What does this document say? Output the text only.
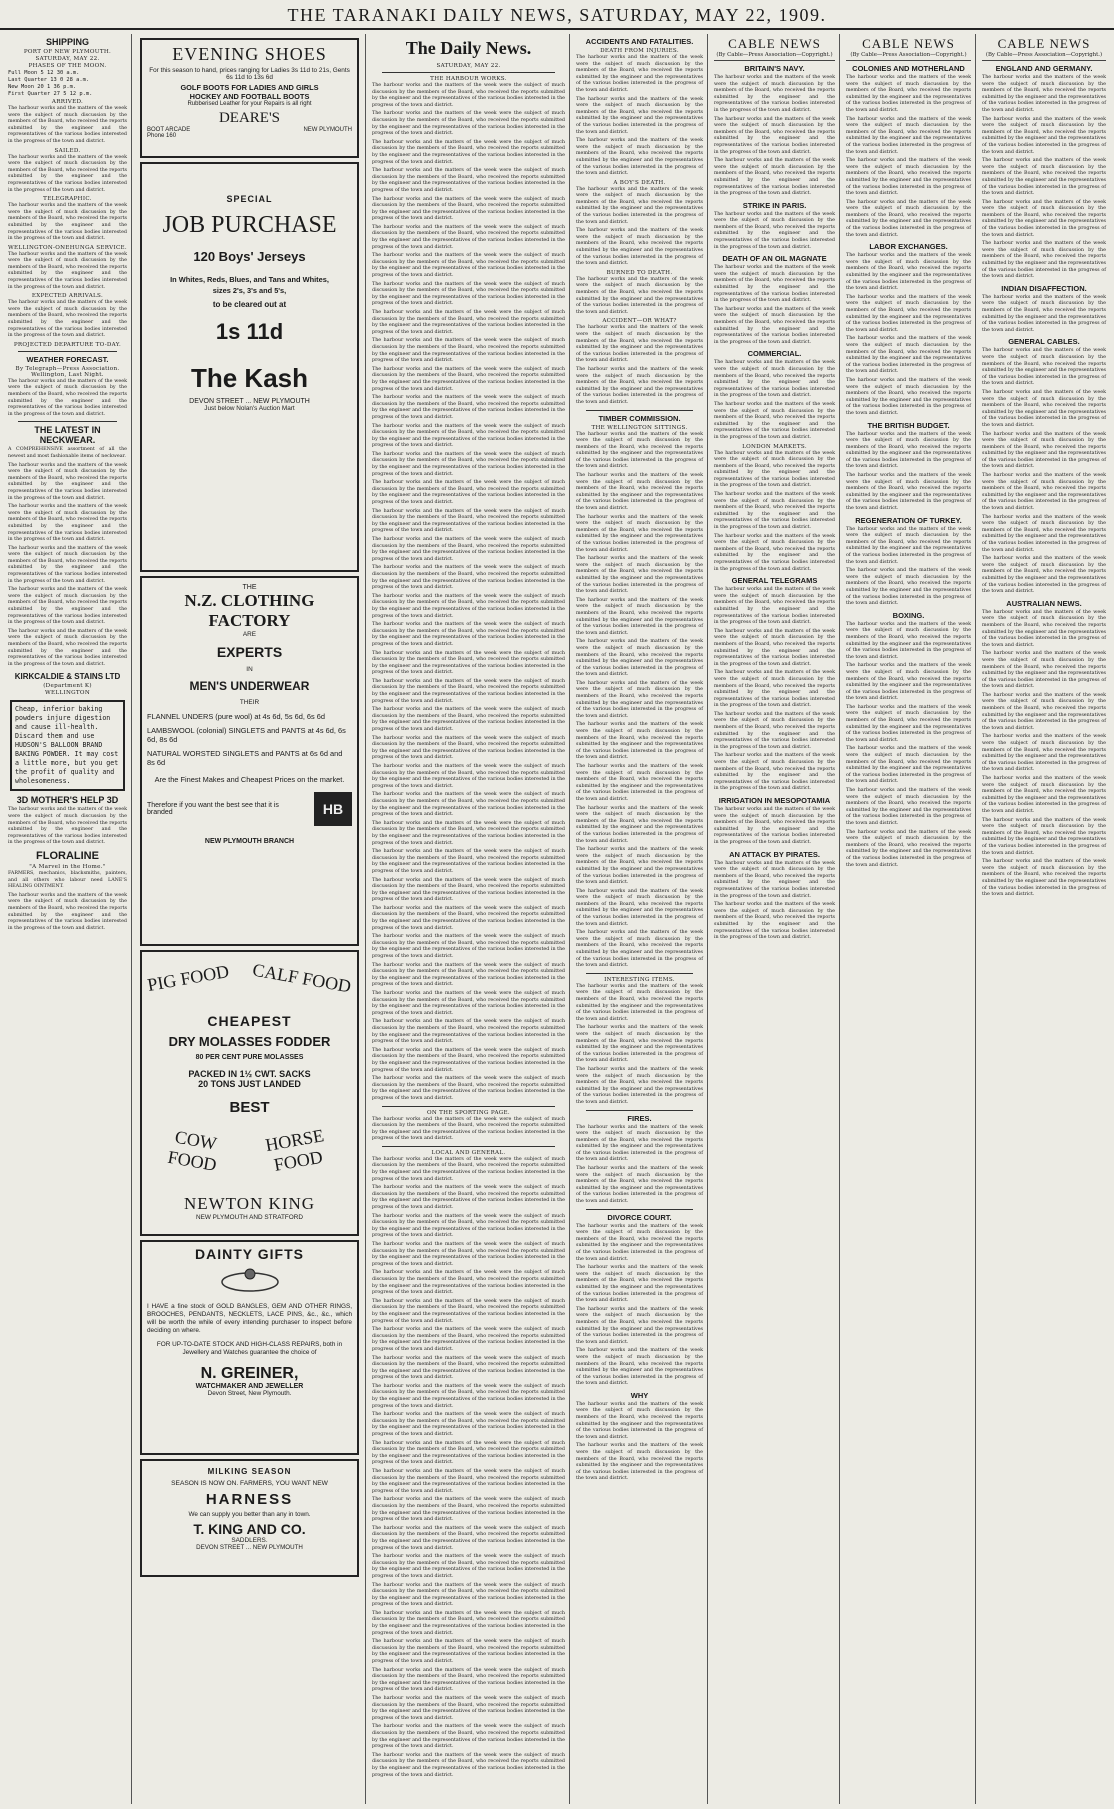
THE TARANAKI DAILY NEWS, SATURDAY, MAY 22, 1909.
SHIPPING
PORT OF NEW PLYMOUTH.
SATURDAY, MAY 22.
PHASES OF THE MOON.
Full Moon 5 12 30 a.m.
Last Quarter 13 0 28 a.m.
New Moon 20 1 36 p.m.
First Quarter 27 5 12 p.m.
ARRIVED.
The harbour works and the matters of the week were the subject of much discussion by the members of the Board, who received the reports submitted by the engineer and the representatives of the various bodies interested in the progress of the town and district.
SAILED.
The harbour works and the matters of the week were the subject of much discussion by the members of the Board, who received the reports submitted by the engineer and the representatives of the various bodies interested in the progress of the town and district.
TELEGRAPHIC.
The harbour works and the matters of the week were the subject of much discussion by the members of the Board, who received the reports submitted by the engineer and the representatives of the various bodies interested in the progress of the town and district.
WELLINGTON-ONEHUNGA SERVICE.
The harbour works and the matters of the week were the subject of much discussion by the members of the Board, who received the reports submitted by the engineer and the representatives of the various bodies interested in the progress of the town and district.
EXPECTED ARRIVALS.
The harbour works and the matters of the week were the subject of much discussion by the members of the Board, who received the reports submitted by the engineer and the representatives of the various bodies interested in the progress of the town and district.
PROJECTED DEPARTURE TO-DAY.
WEATHER FORECAST.
By Telegraph—Press Association. Wellington, Last Night.
The harbour works and the matters of the week were the subject of much discussion by the members of the Board, who received the reports submitted by the engineer and the representatives of the various bodies interested in the progress of the town and district.
THE LATEST IN NECKWEAR.
A COMPREHENSIVE assortment of all the newest and most fashionable items of neckwear.
The harbour works and the matters of the week were the subject of much discussion by the members of the Board, who received the reports submitted by the engineer and the representatives of the various bodies interested in the progress of the town and district.
The harbour works and the matters of the week were the subject of much discussion by the members of the Board, who received the reports submitted by the engineer and the representatives of the various bodies interested in the progress of the town and district.
The harbour works and the matters of the week were the subject of much discussion by the members of the Board, who received the reports submitted by the engineer and the representatives of the various bodies interested in the progress of the town and district.
The harbour works and the matters of the week were the subject of much discussion by the members of the Board, who received the reports submitted by the engineer and the representatives of the various bodies interested in the progress of the town and district.
The harbour works and the matters of the week were the subject of much discussion by the members of the Board, who received the reports submitted by the engineer and the representatives of the various bodies interested in the progress of the town and district.
KIRKCALDIE & STAINS LTD
(Department K)
WELLINGTON
Cheap, inferior baking powders injure digestion and cause ill-health. Discard them and use HUDSON'S BALLOON BRAND BAKING POWDER. It may cost a little more, but you get the profit of quality and wholesomeness.
3D MOTHER'S HELP 3D
The harbour works and the matters of the week were the subject of much discussion by the members of the Board, who received the reports submitted by the engineer and the representatives of the various bodies interested in the progress of the town and district.
FLORALINE
"A Marvel in the Home."
FARMERS, mechanics, blacksmiths, painters, and all others who labour need LANE'S HEALING OINTMENT.
The harbour works and the matters of the week were the subject of much discussion by the members of the Board, who received the reports submitted by the engineer and the representatives of the various bodies interested in the progress of the town and district.
EVENING SHOES
For this season to hand, prices ranging for Ladies 3s 11d to 21s, Gents 6s 11d to 13s 6d
GOLF BOOTS FOR LADIES AND GIRLS
HOCKEY AND FOOTBALL BOOTS
Rubberised Leather for your Repairs is all right
DEARE'S
BOOT ARCADE	NEW PLYMOUTH
Phone 160
SPECIAL
JOB PURCHASE
120 Boys' Jerseys
In Whites, Reds, Blues, and Tans and Whites, sizes 2's, 3's and 5's,
to be cleared out at
1s 11d
The Kash
DEVON STREET ... NEW PLYMOUTH
Just below Nolan's Auction Mart
THE
N.Z. CLOTHING FACTORY
ARE
EXPERTS
IN
MEN'S UNDERWEAR
THEIR
FLANNEL UNDERS (pure wool) at 4s 6d, 5s 6d, 6s 6d
LAMBSWOOL (colonial) SINGLETS and PANTS at 4s 6d, 6s 6d, 8s 6d
NATURAL WORSTED SINGLETS and PANTS at 6s 6d and 8s 6d
Are the Finest Makes and Cheapest Prices on the market.
Therefore if you want the best see that it is branded	HB
NEW PLYMOUTH BRANCH
PIG FOOD CALF FOOD
CHEAPEST
DRY MOLASSES FODDER
80 PER CENT PURE MOLASSES
PACKED IN 1½ CWT. SACKS
20 TONS JUST LANDED
BEST
COW FOOD
HORSE FOOD
NEWTON KING
NEW PLYMOUTH AND STRATFORD
DAINTY GIFTS
I HAVE a fine stock of GOLD BANGLES, GEM AND OTHER RINGS, BROOCHES, PENDANTS, NECKLETS, LACE PINS, &c., &c., which will be worth the while of every intending purchaser to inspect before deciding on where.
FOR UP-TO-DATE STOCK AND HIGH-CLASS REPAIRS, both in Jewellery and Watches guarantee the choice of
N. GREINER,
WATCHMAKER AND JEWELLER
Devon Street, New Plymouth.
MILKING SEASON
SEASON IS NOW ON. FARMERS, YOU WANT NEW
HARNESS
We can supply you better than any in town.
T. KING AND CO.
SADDLERS.
DEVON STREET ... NEW PLYMOUTH
The Daily News.
SATURDAY, MAY 22.
THE HARBOUR WORKS.
The harbour works and the matters of the week were the subject of much discussion by the members of the Board, who received the reports submitted by the engineer and the representatives of the various bodies interested in the progress of the town and district.
The harbour works and the matters of the week were the subject of much discussion by the members of the Board, who received the reports submitted by the engineer and the representatives of the various bodies interested in the progress of the town and district.
The harbour works and the matters of the week were the subject of much discussion by the members of the Board, who received the reports submitted by the engineer and the representatives of the various bodies interested in the progress of the town and district.
The harbour works and the matters of the week were the subject of much discussion by the members of the Board, who received the reports submitted by the engineer and the representatives of the various bodies interested in the progress of the town and district.
The harbour works and the matters of the week were the subject of much discussion by the members of the Board, who received the reports submitted by the engineer and the representatives of the various bodies interested in the progress of the town and district.
The harbour works and the matters of the week were the subject of much discussion by the members of the Board, who received the reports submitted by the engineer and the representatives of the various bodies interested in the progress of the town and district.
The harbour works and the matters of the week were the subject of much discussion by the members of the Board, who received the reports submitted by the engineer and the representatives of the various bodies interested in the progress of the town and district.
The harbour works and the matters of the week were the subject of much discussion by the members of the Board, who received the reports submitted by the engineer and the representatives of the various bodies interested in the progress of the town and district.
The harbour works and the matters of the week were the subject of much discussion by the members of the Board, who received the reports submitted by the engineer and the representatives of the various bodies interested in the progress of the town and district.
The harbour works and the matters of the week were the subject of much discussion by the members of the Board, who received the reports submitted by the engineer and the representatives of the various bodies interested in the progress of the town and district.
The harbour works and the matters of the week were the subject of much discussion by the members of the Board, who received the reports submitted by the engineer and the representatives of the various bodies interested in the progress of the town and district.
The harbour works and the matters of the week were the subject of much discussion by the members of the Board, who received the reports submitted by the engineer and the representatives of the various bodies interested in the progress of the town and district.
The harbour works and the matters of the week were the subject of much discussion by the members of the Board, who received the reports submitted by the engineer and the representatives of the various bodies interested in the progress of the town and district.
The harbour works and the matters of the week were the subject of much discussion by the members of the Board, who received the reports submitted by the engineer and the representatives of the various bodies interested in the progress of the town and district.
The harbour works and the matters of the week were the subject of much discussion by the members of the Board, who received the reports submitted by the engineer and the representatives of the various bodies interested in the progress of the town and district.
The harbour works and the matters of the week were the subject of much discussion by the members of the Board, who received the reports submitted by the engineer and the representatives of the various bodies interested in the progress of the town and district.
The harbour works and the matters of the week were the subject of much discussion by the members of the Board, who received the reports submitted by the engineer and the representatives of the various bodies interested in the progress of the town and district.
The harbour works and the matters of the week were the subject of much discussion by the members of the Board, who received the reports submitted by the engineer and the representatives of the various bodies interested in the progress of the town and district.
The harbour works and the matters of the week were the subject of much discussion by the members of the Board, who received the reports submitted by the engineer and the representatives of the various bodies interested in the progress of the town and district.
The harbour works and the matters of the week were the subject of much discussion by the members of the Board, who received the reports submitted by the engineer and the representatives of the various bodies interested in the progress of the town and district.
The harbour works and the matters of the week were the subject of much discussion by the members of the Board, who received the reports submitted by the engineer and the representatives of the various bodies interested in the progress of the town and district.
The harbour works and the matters of the week were the subject of much discussion by the members of the Board, who received the reports submitted by the engineer and the representatives of the various bodies interested in the progress of the town and district.
The harbour works and the matters of the week were the subject of much discussion by the members of the Board, who received the reports submitted by the engineer and the representatives of the various bodies interested in the progress of the town and district.
The harbour works and the matters of the week were the subject of much discussion by the members of the Board, who received the reports submitted by the engineer and the representatives of the various bodies interested in the progress of the town and district.
The harbour works and the matters of the week were the subject of much discussion by the members of the Board, who received the reports submitted by the engineer and the representatives of the various bodies interested in the progress of the town and district.
The harbour works and the matters of the week were the subject of much discussion by the members of the Board, who received the reports submitted by the engineer and the representatives of the various bodies interested in the progress of the town and district.
The harbour works and the matters of the week were the subject of much discussion by the members of the Board, who received the reports submitted by the engineer and the representatives of the various bodies interested in the progress of the town and district.
The harbour works and the matters of the week were the subject of much discussion by the members of the Board, who received the reports submitted by the engineer and the representatives of the various bodies interested in the progress of the town and district.
The harbour works and the matters of the week were the subject of much discussion by the members of the Board, who received the reports submitted by the engineer and the representatives of the various bodies interested in the progress of the town and district.
The harbour works and the matters of the week were the subject of much discussion by the members of the Board, who received the reports submitted by the engineer and the representatives of the various bodies interested in the progress of the town and district.
The harbour works and the matters of the week were the subject of much discussion by the members of the Board, who received the reports submitted by the engineer and the representatives of the various bodies interested in the progress of the town and district.
The harbour works and the matters of the week were the subject of much discussion by the members of the Board, who received the reports submitted by the engineer and the representatives of the various bodies interested in the progress of the town and district.
The harbour works and the matters of the week were the subject of much discussion by the members of the Board, who received the reports submitted by the engineer and the representatives of the various bodies interested in the progress of the town and district.
The harbour works and the matters of the week were the subject of much discussion by the members of the Board, who received the reports submitted by the engineer and the representatives of the various bodies interested in the progress of the town and district.
The harbour works and the matters of the week were the subject of much discussion by the members of the Board, who received the reports submitted by the engineer and the representatives of the various bodies interested in the progress of the town and district.
The harbour works and the matters of the week were the subject of much discussion by the members of the Board, who received the reports submitted by the engineer and the representatives of the various bodies interested in the progress of the town and district.
ON THE SPORTING PAGE.
The harbour works and the matters of the week were the subject of much discussion by the members of the Board, who received the reports submitted by the engineer and the representatives of the various bodies interested in the progress of the town and district.
LOCAL AND GENERAL.
The harbour works and the matters of the week were the subject of much discussion by the members of the Board, who received the reports submitted by the engineer and the representatives of the various bodies interested in the progress of the town and district.
The harbour works and the matters of the week were the subject of much discussion by the members of the Board, who received the reports submitted by the engineer and the representatives of the various bodies interested in the progress of the town and district.
The harbour works and the matters of the week were the subject of much discussion by the members of the Board, who received the reports submitted by the engineer and the representatives of the various bodies interested in the progress of the town and district.
The harbour works and the matters of the week were the subject of much discussion by the members of the Board, who received the reports submitted by the engineer and the representatives of the various bodies interested in the progress of the town and district.
The harbour works and the matters of the week were the subject of much discussion by the members of the Board, who received the reports submitted by the engineer and the representatives of the various bodies interested in the progress of the town and district.
The harbour works and the matters of the week were the subject of much discussion by the members of the Board, who received the reports submitted by the engineer and the representatives of the various bodies interested in the progress of the town and district.
The harbour works and the matters of the week were the subject of much discussion by the members of the Board, who received the reports submitted by the engineer and the representatives of the various bodies interested in the progress of the town and district.
The harbour works and the matters of the week were the subject of much discussion by the members of the Board, who received the reports submitted by the engineer and the representatives of the various bodies interested in the progress of the town and district.
The harbour works and the matters of the week were the subject of much discussion by the members of the Board, who received the reports submitted by the engineer and the representatives of the various bodies interested in the progress of the town and district.
The harbour works and the matters of the week were the subject of much discussion by the members of the Board, who received the reports submitted by the engineer and the representatives of the various bodies interested in the progress of the town and district.
The harbour works and the matters of the week were the subject of much discussion by the members of the Board, who received the reports submitted by the engineer and the representatives of the various bodies interested in the progress of the town and district.
The harbour works and the matters of the week were the subject of much discussion by the members of the Board, who received the reports submitted by the engineer and the representatives of the various bodies interested in the progress of the town and district.
The harbour works and the matters of the week were the subject of much discussion by the members of the Board, who received the reports submitted by the engineer and the representatives of the various bodies interested in the progress of the town and district.
The harbour works and the matters of the week were the subject of much discussion by the members of the Board, who received the reports submitted by the engineer and the representatives of the various bodies interested in the progress of the town and district.
The harbour works and the matters of the week were the subject of much discussion by the members of the Board, who received the reports submitted by the engineer and the representatives of the various bodies interested in the progress of the town and district.
The harbour works and the matters of the week were the subject of much discussion by the members of the Board, who received the reports submitted by the engineer and the representatives of the various bodies interested in the progress of the town and district.
The harbour works and the matters of the week were the subject of much discussion by the members of the Board, who received the reports submitted by the engineer and the representatives of the various bodies interested in the progress of the town and district.
The harbour works and the matters of the week were the subject of much discussion by the members of the Board, who received the reports submitted by the engineer and the representatives of the various bodies interested in the progress of the town and district.
The harbour works and the matters of the week were the subject of much discussion by the members of the Board, who received the reports submitted by the engineer and the representatives of the various bodies interested in the progress of the town and district.
The harbour works and the matters of the week were the subject of much discussion by the members of the Board, who received the reports submitted by the engineer and the representatives of the various bodies interested in the progress of the town and district.
The harbour works and the matters of the week were the subject of much discussion by the members of the Board, who received the reports submitted by the engineer and the representatives of the various bodies interested in the progress of the town and district.
The harbour works and the matters of the week were the subject of much discussion by the members of the Board, who received the reports submitted by the engineer and the representatives of the various bodies interested in the progress of the town and district.
ACCIDENTS AND FATALITIES.
DEATH FROM INJURIES.
The harbour works and the matters of the week were the subject of much discussion by the members of the Board, who received the reports submitted by the engineer and the representatives of the various bodies interested in the progress of the town and district.
The harbour works and the matters of the week were the subject of much discussion by the members of the Board, who received the reports submitted by the engineer and the representatives of the various bodies interested in the progress of the town and district.
The harbour works and the matters of the week were the subject of much discussion by the members of the Board, who received the reports submitted by the engineer and the representatives of the various bodies interested in the progress of the town and district.
A BOY'S DEATH.
The harbour works and the matters of the week were the subject of much discussion by the members of the Board, who received the reports submitted by the engineer and the representatives of the various bodies interested in the progress of the town and district.
The harbour works and the matters of the week were the subject of much discussion by the members of the Board, who received the reports submitted by the engineer and the representatives of the various bodies interested in the progress of the town and district.
BURNED TO DEATH.
The harbour works and the matters of the week were the subject of much discussion by the members of the Board, who received the reports submitted by the engineer and the representatives of the various bodies interested in the progress of the town and district.
ACCIDENT—OR WHAT?
The harbour works and the matters of the week were the subject of much discussion by the members of the Board, who received the reports submitted by the engineer and the representatives of the various bodies interested in the progress of the town and district.
The harbour works and the matters of the week were the subject of much discussion by the members of the Board, who received the reports submitted by the engineer and the representatives of the various bodies interested in the progress of the town and district.
TIMBER COMMISSION.
THE WELLINGTON SITTINGS.
The harbour works and the matters of the week were the subject of much discussion by the members of the Board, who received the reports submitted by the engineer and the representatives of the various bodies interested in the progress of the town and district.
The harbour works and the matters of the week were the subject of much discussion by the members of the Board, who received the reports submitted by the engineer and the representatives of the various bodies interested in the progress of the town and district.
The harbour works and the matters of the week were the subject of much discussion by the members of the Board, who received the reports submitted by the engineer and the representatives of the various bodies interested in the progress of the town and district.
The harbour works and the matters of the week were the subject of much discussion by the members of the Board, who received the reports submitted by the engineer and the representatives of the various bodies interested in the progress of the town and district.
The harbour works and the matters of the week were the subject of much discussion by the members of the Board, who received the reports submitted by the engineer and the representatives of the various bodies interested in the progress of the town and district.
The harbour works and the matters of the week were the subject of much discussion by the members of the Board, who received the reports submitted by the engineer and the representatives of the various bodies interested in the progress of the town and district.
The harbour works and the matters of the week were the subject of much discussion by the members of the Board, who received the reports submitted by the engineer and the representatives of the various bodies interested in the progress of the town and district.
The harbour works and the matters of the week were the subject of much discussion by the members of the Board, who received the reports submitted by the engineer and the representatives of the various bodies interested in the progress of the town and district.
The harbour works and the matters of the week were the subject of much discussion by the members of the Board, who received the reports submitted by the engineer and the representatives of the various bodies interested in the progress of the town and district.
The harbour works and the matters of the week were the subject of much discussion by the members of the Board, who received the reports submitted by the engineer and the representatives of the various bodies interested in the progress of the town and district.
The harbour works and the matters of the week were the subject of much discussion by the members of the Board, who received the reports submitted by the engineer and the representatives of the various bodies interested in the progress of the town and district.
The harbour works and the matters of the week were the subject of much discussion by the members of the Board, who received the reports submitted by the engineer and the representatives of the various bodies interested in the progress of the town and district.
The harbour works and the matters of the week were the subject of much discussion by the members of the Board, who received the reports submitted by the engineer and the representatives of the various bodies interested in the progress of the town and district.
INTERESTING ITEMS.
The harbour works and the matters of the week were the subject of much discussion by the members of the Board, who received the reports submitted by the engineer and the representatives of the various bodies interested in the progress of the town and district.
The harbour works and the matters of the week were the subject of much discussion by the members of the Board, who received the reports submitted by the engineer and the representatives of the various bodies interested in the progress of the town and district.
The harbour works and the matters of the week were the subject of much discussion by the members of the Board, who received the reports submitted by the engineer and the representatives of the various bodies interested in the progress of the town and district.
FIRES.
The harbour works and the matters of the week were the subject of much discussion by the members of the Board, who received the reports submitted by the engineer and the representatives of the various bodies interested in the progress of the town and district.
The harbour works and the matters of the week were the subject of much discussion by the members of the Board, who received the reports submitted by the engineer and the representatives of the various bodies interested in the progress of the town and district.
DIVORCE COURT.
The harbour works and the matters of the week were the subject of much discussion by the members of the Board, who received the reports submitted by the engineer and the representatives of the various bodies interested in the progress of the town and district.
The harbour works and the matters of the week were the subject of much discussion by the members of the Board, who received the reports submitted by the engineer and the representatives of the various bodies interested in the progress of the town and district.
The harbour works and the matters of the week were the subject of much discussion by the members of the Board, who received the reports submitted by the engineer and the representatives of the various bodies interested in the progress of the town and district.
The harbour works and the matters of the week were the subject of much discussion by the members of the Board, who received the reports submitted by the engineer and the representatives of the various bodies interested in the progress of the town and district.
WHY
The harbour works and the matters of the week were the subject of much discussion by the members of the Board, who received the reports submitted by the engineer and the representatives of the various bodies interested in the progress of the town and district.
The harbour works and the matters of the week were the subject of much discussion by the members of the Board, who received the reports submitted by the engineer and the representatives of the various bodies interested in the progress of the town and district.
CABLE NEWS
(By Cable—Press Association—Copyright.)
BRITAIN'S NAVY.
The harbour works and the matters of the week were the subject of much discussion by the members of the Board, who received the reports submitted by the engineer and the representatives of the various bodies interested in the progress of the town and district.
The harbour works and the matters of the week were the subject of much discussion by the members of the Board, who received the reports submitted by the engineer and the representatives of the various bodies interested in the progress of the town and district.
The harbour works and the matters of the week were the subject of much discussion by the members of the Board, who received the reports submitted by the engineer and the representatives of the various bodies interested in the progress of the town and district.
STRIKE IN PARIS.
The harbour works and the matters of the week were the subject of much discussion by the members of the Board, who received the reports submitted by the engineer and the representatives of the various bodies interested in the progress of the town and district.
DEATH OF AN OIL MAGNATE
The harbour works and the matters of the week were the subject of much discussion by the members of the Board, who received the reports submitted by the engineer and the representatives of the various bodies interested in the progress of the town and district.
The harbour works and the matters of the week were the subject of much discussion by the members of the Board, who received the reports submitted by the engineer and the representatives of the various bodies interested in the progress of the town and district.
COMMERCIAL.
The harbour works and the matters of the week were the subject of much discussion by the members of the Board, who received the reports submitted by the engineer and the representatives of the various bodies interested in the progress of the town and district.
The harbour works and the matters of the week were the subject of much discussion by the members of the Board, who received the reports submitted by the engineer and the representatives of the various bodies interested in the progress of the town and district.
LONDON MARKETS.
The harbour works and the matters of the week were the subject of much discussion by the members of the Board, who received the reports submitted by the engineer and the representatives of the various bodies interested in the progress of the town and district.
The harbour works and the matters of the week were the subject of much discussion by the members of the Board, who received the reports submitted by the engineer and the representatives of the various bodies interested in the progress of the town and district.
The harbour works and the matters of the week were the subject of much discussion by the members of the Board, who received the reports submitted by the engineer and the representatives of the various bodies interested in the progress of the town and district.
GENERAL TELEGRAMS
The harbour works and the matters of the week were the subject of much discussion by the members of the Board, who received the reports submitted by the engineer and the representatives of the various bodies interested in the progress of the town and district.
The harbour works and the matters of the week were the subject of much discussion by the members of the Board, who received the reports submitted by the engineer and the representatives of the various bodies interested in the progress of the town and district.
The harbour works and the matters of the week were the subject of much discussion by the members of the Board, who received the reports submitted by the engineer and the representatives of the various bodies interested in the progress of the town and district.
The harbour works and the matters of the week were the subject of much discussion by the members of the Board, who received the reports submitted by the engineer and the representatives of the various bodies interested in the progress of the town and district.
The harbour works and the matters of the week were the subject of much discussion by the members of the Board, who received the reports submitted by the engineer and the representatives of the various bodies interested in the progress of the town and district.
IRRIGATION IN MESOPOTAMIA
The harbour works and the matters of the week were the subject of much discussion by the members of the Board, who received the reports submitted by the engineer and the representatives of the various bodies interested in the progress of the town and district.
AN ATTACK BY PIRATES.
The harbour works and the matters of the week were the subject of much discussion by the members of the Board, who received the reports submitted by the engineer and the representatives of the various bodies interested in the progress of the town and district.
The harbour works and the matters of the week were the subject of much discussion by the members of the Board, who received the reports submitted by the engineer and the representatives of the various bodies interested in the progress of the town and district.
CABLE NEWS
(By Cable—Press Association—Copyright.)
COLONIES AND MOTHERLAND
The harbour works and the matters of the week were the subject of much discussion by the members of the Board, who received the reports submitted by the engineer and the representatives of the various bodies interested in the progress of the town and district.
The harbour works and the matters of the week were the subject of much discussion by the members of the Board, who received the reports submitted by the engineer and the representatives of the various bodies interested in the progress of the town and district.
The harbour works and the matters of the week were the subject of much discussion by the members of the Board, who received the reports submitted by the engineer and the representatives of the various bodies interested in the progress of the town and district.
The harbour works and the matters of the week were the subject of much discussion by the members of the Board, who received the reports submitted by the engineer and the representatives of the various bodies interested in the progress of the town and district.
LABOR EXCHANGES.
The harbour works and the matters of the week were the subject of much discussion by the members of the Board, who received the reports submitted by the engineer and the representatives of the various bodies interested in the progress of the town and district.
The harbour works and the matters of the week were the subject of much discussion by the members of the Board, who received the reports submitted by the engineer and the representatives of the various bodies interested in the progress of the town and district.
The harbour works and the matters of the week were the subject of much discussion by the members of the Board, who received the reports submitted by the engineer and the representatives of the various bodies interested in the progress of the town and district.
The harbour works and the matters of the week were the subject of much discussion by the members of the Board, who received the reports submitted by the engineer and the representatives of the various bodies interested in the progress of the town and district.
THE BRITISH BUDGET.
The harbour works and the matters of the week were the subject of much discussion by the members of the Board, who received the reports submitted by the engineer and the representatives of the various bodies interested in the progress of the town and district.
The harbour works and the matters of the week were the subject of much discussion by the members of the Board, who received the reports submitted by the engineer and the representatives of the various bodies interested in the progress of the town and district.
REGENERATION OF TURKEY.
The harbour works and the matters of the week were the subject of much discussion by the members of the Board, who received the reports submitted by the engineer and the representatives of the various bodies interested in the progress of the town and district.
The harbour works and the matters of the week were the subject of much discussion by the members of the Board, who received the reports submitted by the engineer and the representatives of the various bodies interested in the progress of the town and district.
BOXING.
The harbour works and the matters of the week were the subject of much discussion by the members of the Board, who received the reports submitted by the engineer and the representatives of the various bodies interested in the progress of the town and district.
The harbour works and the matters of the week were the subject of much discussion by the members of the Board, who received the reports submitted by the engineer and the representatives of the various bodies interested in the progress of the town and district.
The harbour works and the matters of the week were the subject of much discussion by the members of the Board, who received the reports submitted by the engineer and the representatives of the various bodies interested in the progress of the town and district.
The harbour works and the matters of the week were the subject of much discussion by the members of the Board, who received the reports submitted by the engineer and the representatives of the various bodies interested in the progress of the town and district.
The harbour works and the matters of the week were the subject of much discussion by the members of the Board, who received the reports submitted by the engineer and the representatives of the various bodies interested in the progress of the town and district.
The harbour works and the matters of the week were the subject of much discussion by the members of the Board, who received the reports submitted by the engineer and the representatives of the various bodies interested in the progress of the town and district.
CABLE NEWS
(By Cable—Press Association—Copyright.)
ENGLAND AND GERMANY.
The harbour works and the matters of the week were the subject of much discussion by the members of the Board, who received the reports submitted by the engineer and the representatives of the various bodies interested in the progress of the town and district.
The harbour works and the matters of the week were the subject of much discussion by the members of the Board, who received the reports submitted by the engineer and the representatives of the various bodies interested in the progress of the town and district.
The harbour works and the matters of the week were the subject of much discussion by the members of the Board, who received the reports submitted by the engineer and the representatives of the various bodies interested in the progress of the town and district.
The harbour works and the matters of the week were the subject of much discussion by the members of the Board, who received the reports submitted by the engineer and the representatives of the various bodies interested in the progress of the town and district.
The harbour works and the matters of the week were the subject of much discussion by the members of the Board, who received the reports submitted by the engineer and the representatives of the various bodies interested in the progress of the town and district.
INDIAN DISAFFECTION.
The harbour works and the matters of the week were the subject of much discussion by the members of the Board, who received the reports submitted by the engineer and the representatives of the various bodies interested in the progress of the town and district.
GENERAL CABLES.
The harbour works and the matters of the week were the subject of much discussion by the members of the Board, who received the reports submitted by the engineer and the representatives of the various bodies interested in the progress of the town and district.
The harbour works and the matters of the week were the subject of much discussion by the members of the Board, who received the reports submitted by the engineer and the representatives of the various bodies interested in the progress of the town and district.
The harbour works and the matters of the week were the subject of much discussion by the members of the Board, who received the reports submitted by the engineer and the representatives of the various bodies interested in the progress of the town and district.
The harbour works and the matters of the week were the subject of much discussion by the members of the Board, who received the reports submitted by the engineer and the representatives of the various bodies interested in the progress of the town and district.
The harbour works and the matters of the week were the subject of much discussion by the members of the Board, who received the reports submitted by the engineer and the representatives of the various bodies interested in the progress of the town and district.
The harbour works and the matters of the week were the subject of much discussion by the members of the Board, who received the reports submitted by the engineer and the representatives of the various bodies interested in the progress of the town and district.
AUSTRALIAN NEWS.
The harbour works and the matters of the week were the subject of much discussion by the members of the Board, who received the reports submitted by the engineer and the representatives of the various bodies interested in the progress of the town and district.
The harbour works and the matters of the week were the subject of much discussion by the members of the Board, who received the reports submitted by the engineer and the representatives of the various bodies interested in the progress of the town and district.
The harbour works and the matters of the week were the subject of much discussion by the members of the Board, who received the reports submitted by the engineer and the representatives of the various bodies interested in the progress of the town and district.
The harbour works and the matters of the week were the subject of much discussion by the members of the Board, who received the reports submitted by the engineer and the representatives of the various bodies interested in the progress of the town and district.
The harbour works and the matters of the week were the subject of much discussion by the members of the Board, who received the reports submitted by the engineer and the representatives of the various bodies interested in the progress of the town and district.
The harbour works and the matters of the week were the subject of much discussion by the members of the Board, who received the reports submitted by the engineer and the representatives of the various bodies interested in the progress of the town and district.
The harbour works and the matters of the week were the subject of much discussion by the members of the Board, who received the reports submitted by the engineer and the representatives of the various bodies interested in the progress of the town and district.
